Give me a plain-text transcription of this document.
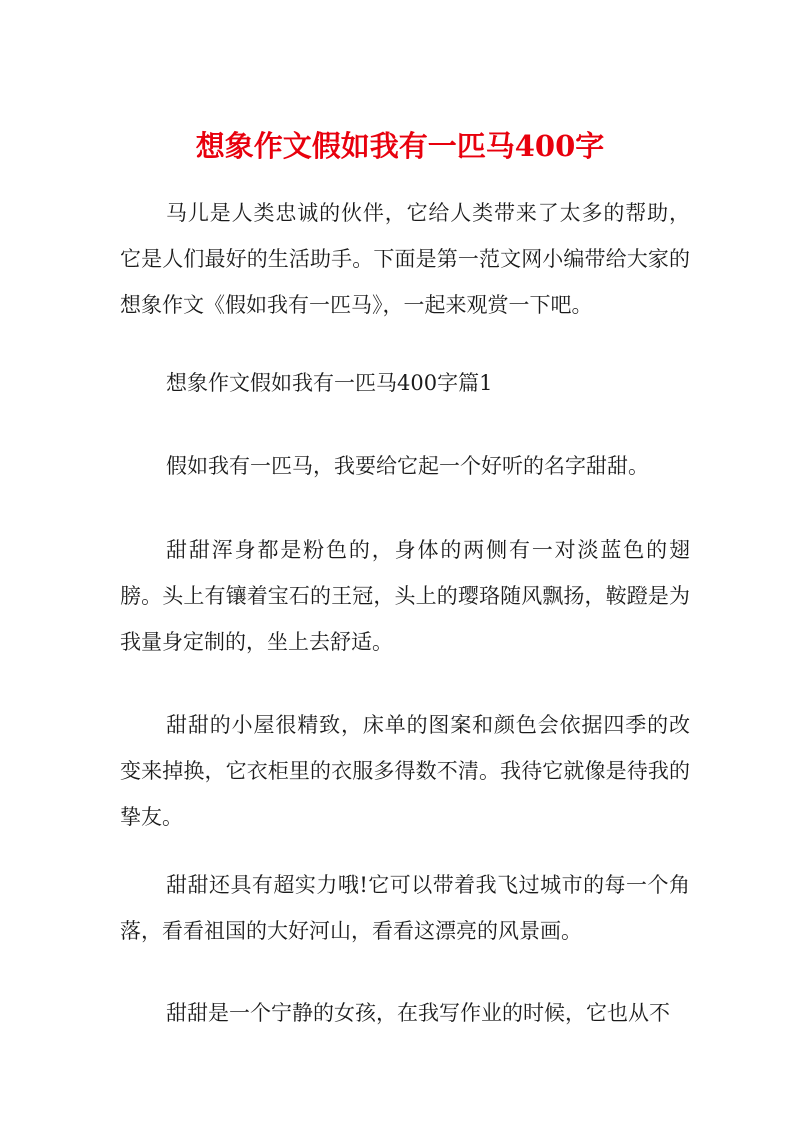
想象作文假如我有一匹马400字

马儿是人类忠诚的伙伴，它给人类带来了太多的帮助，它是人们最好的生活助手。下面是第一范文网小编带给大家的想象作文《假如我有一匹马》，一起来观赏一下吧。

想象作文假如我有一匹马400字篇1

假如我有一匹马，我要给它起一个好听的名字甜甜。

甜甜浑身都是粉色的，身体的两侧有一对淡蓝色的翅膀。头上有镶着宝石的王冠，头上的璎珞随风飘扬，鞍蹬是为我量身定制的，坐上去舒适。

甜甜的小屋很精致，床单的图案和颜色会依据四季的改变来掉换，它衣柜里的衣服多得数不清。我待它就像是待我的挚友。

甜甜还具有超实力哦!它可以带着我飞过城市的每一个角落，看看祖国的大好河山，看看这漂亮的风景画。

甜甜是一个宁静的女孩，在我写作业的时候，它也从不
